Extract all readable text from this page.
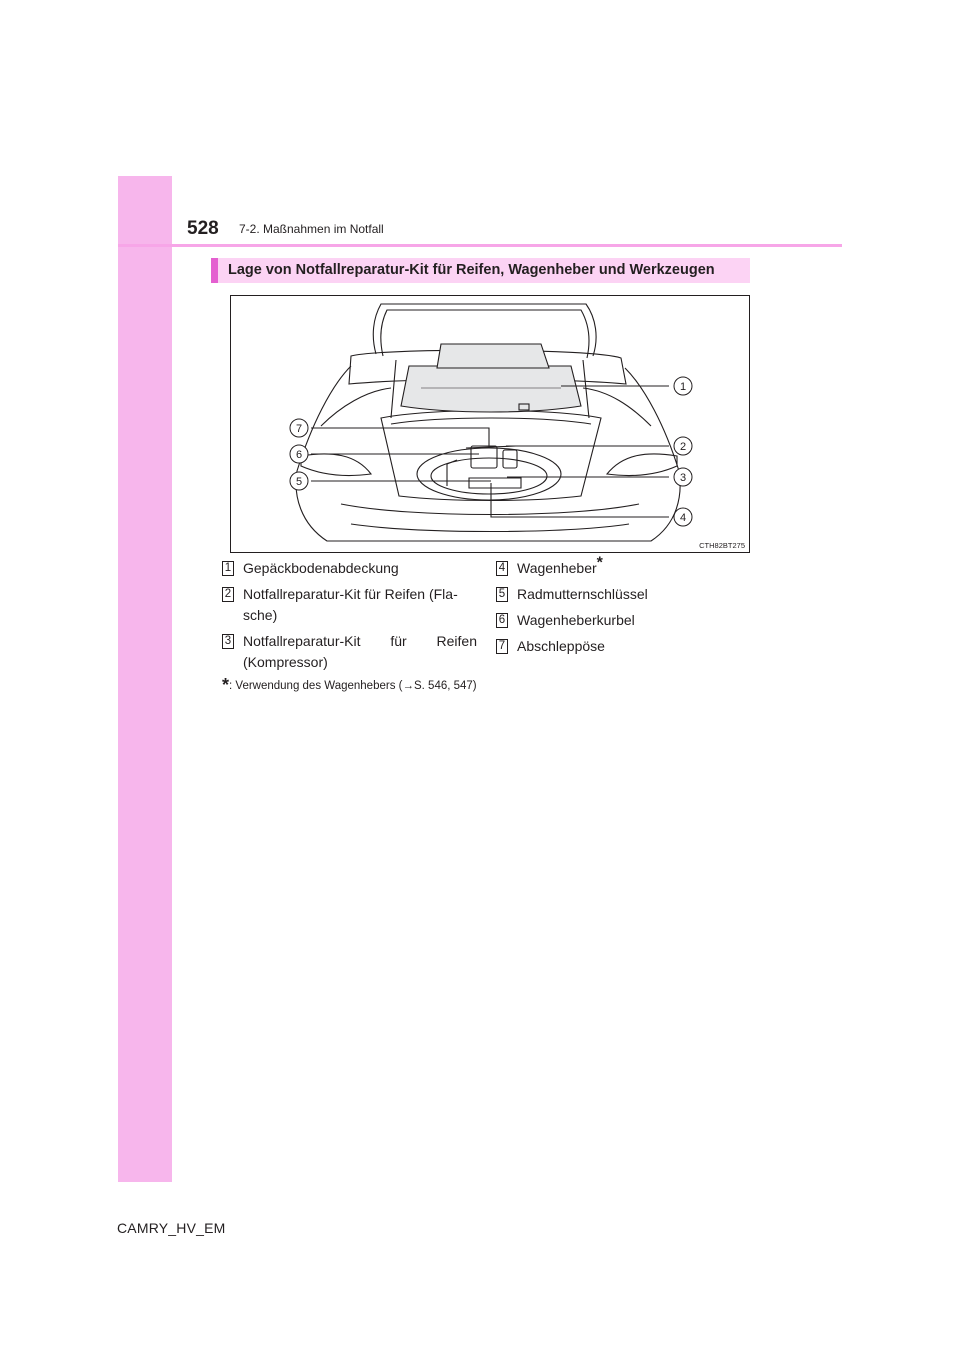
528 7-2. Maßnahmen im Notfall
Lage von Notfallreparatur-Kit für Reifen, Wagenheber und Werkzeugen
1
2
3
4
5
6
7
CTH82BT275
1 Gepäckbodenabdeckung
2 Notfallreparatur-Kit für Reifen (Fla-
sche)
3 Notfallreparatur-Kit für Reifen
(Kompressor)
4 Wagenheber*
5 Radmutternschlüssel
6 Wagenheberkurbel
7 Abschleppöse
*: Verwendung des Wagenhebers (→S. 546, 547)
CAMRY_HV_EM
